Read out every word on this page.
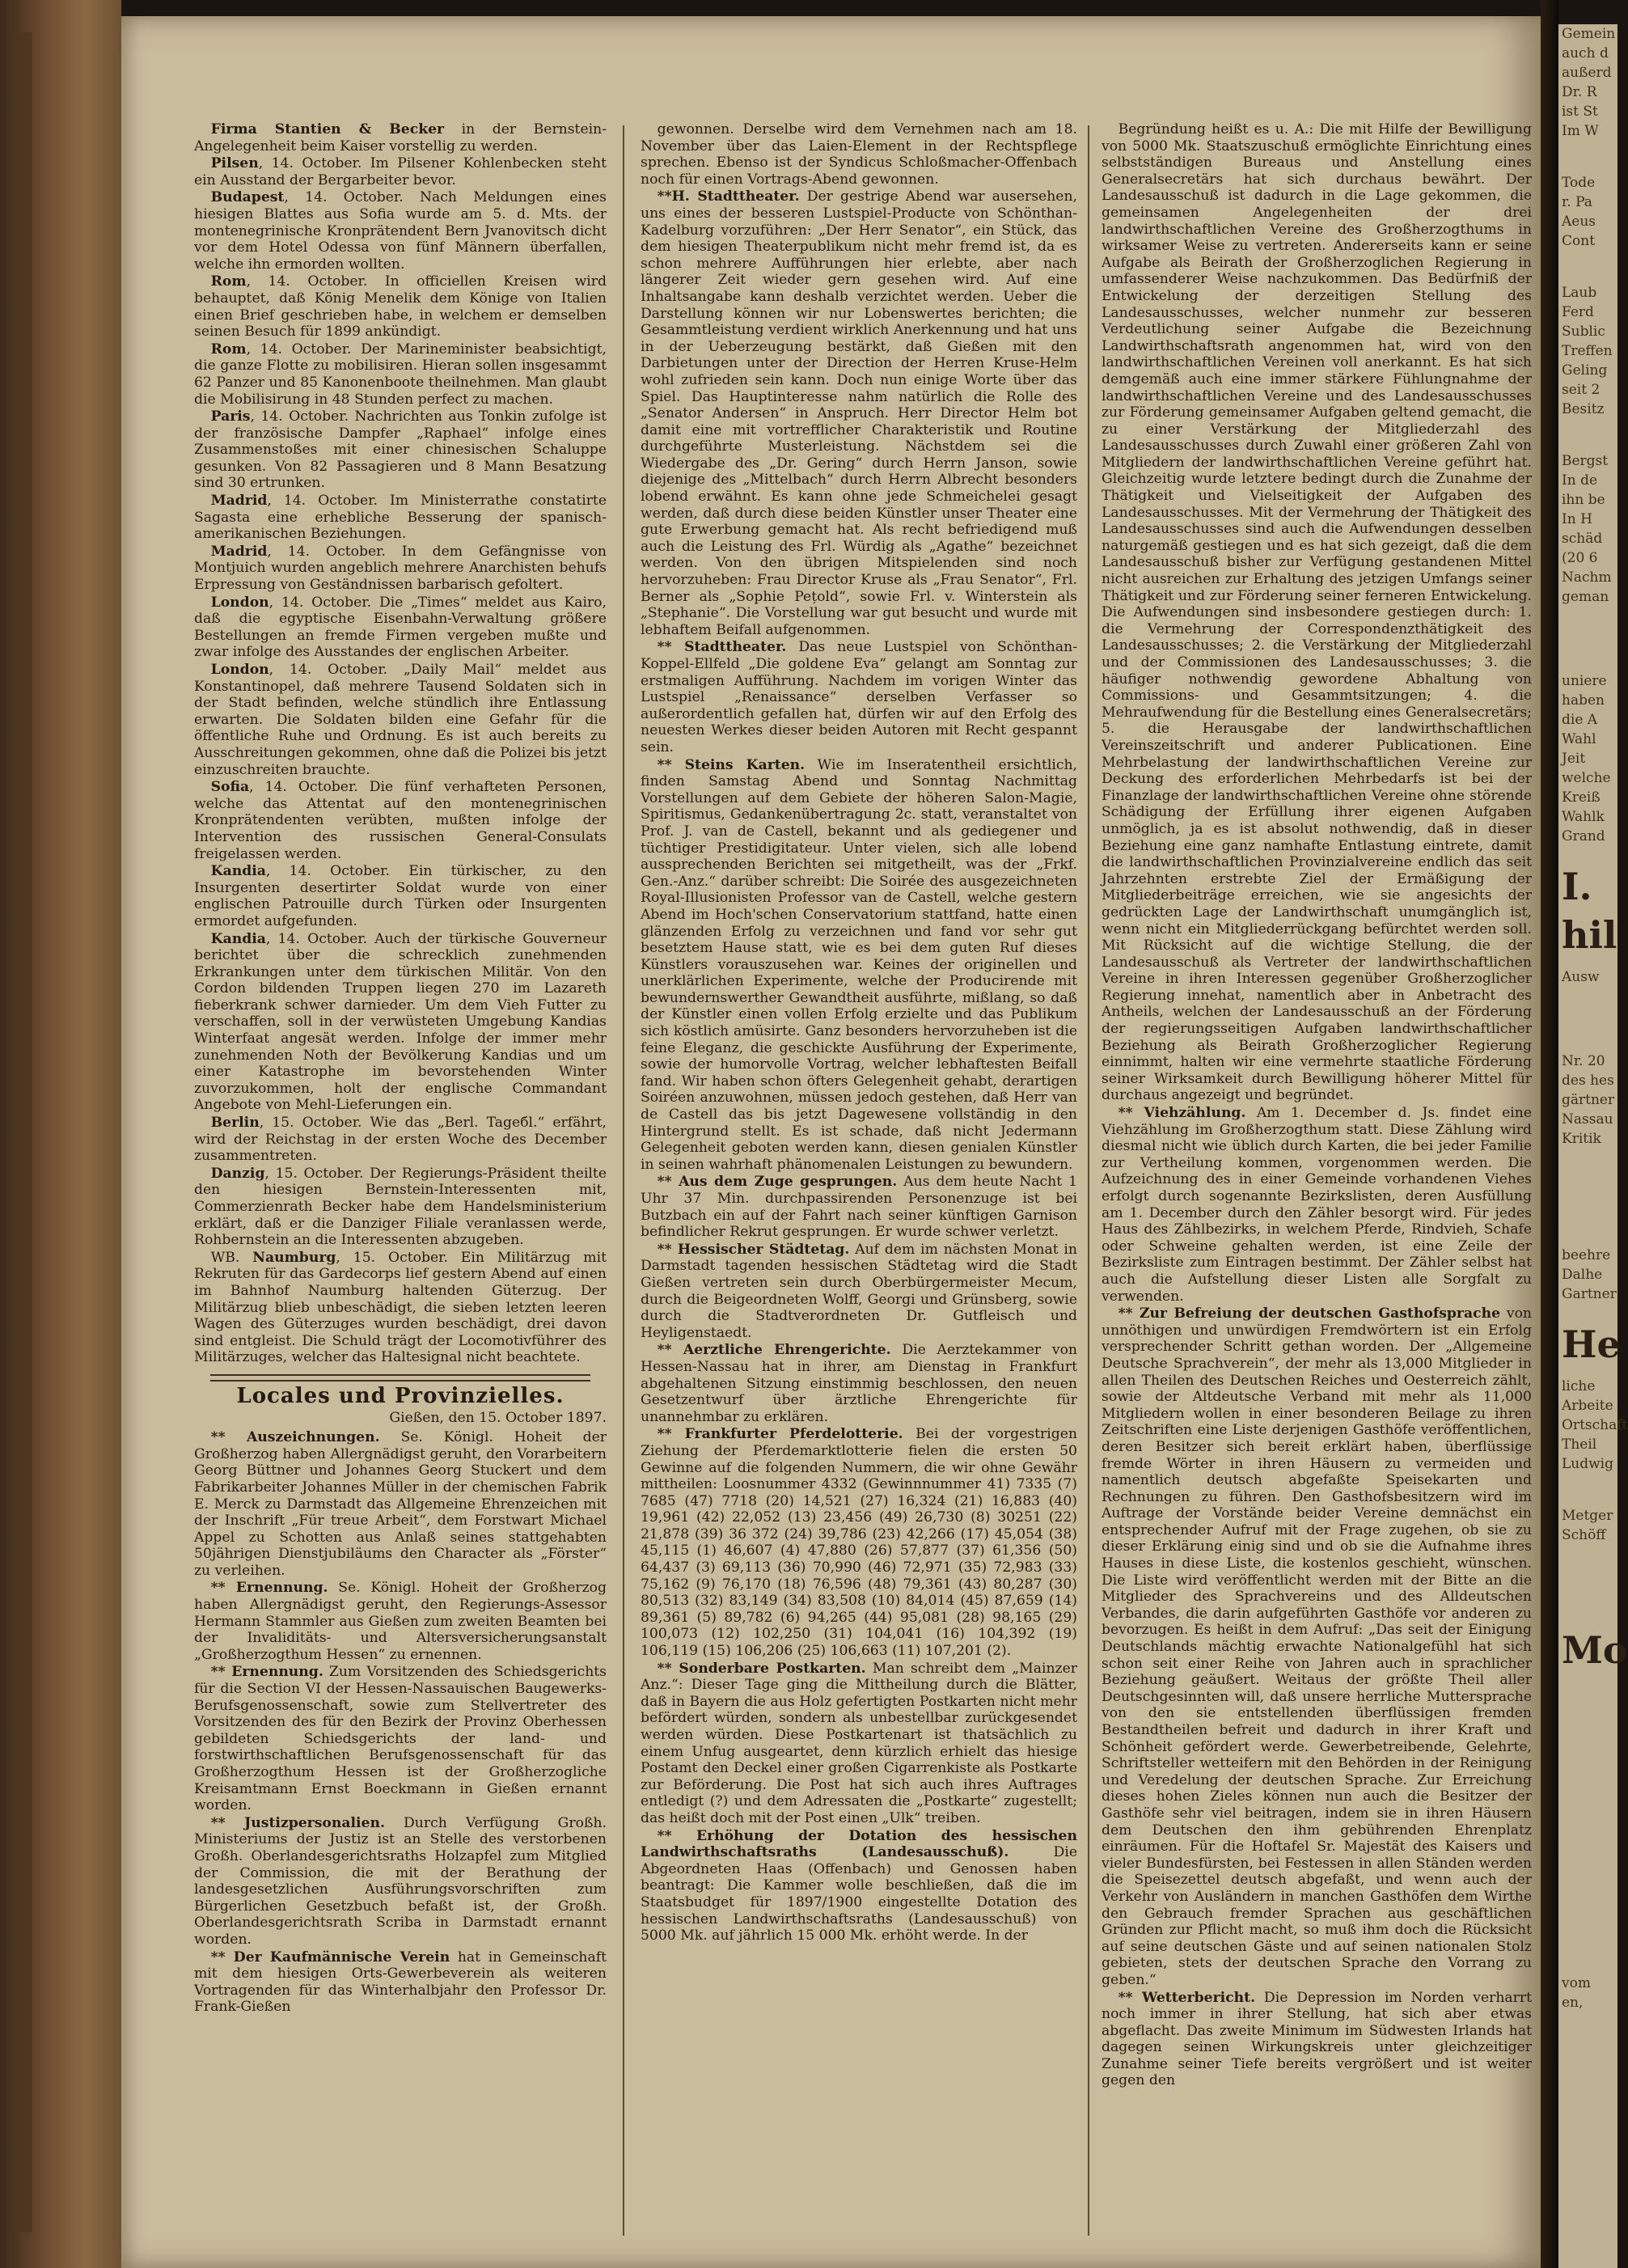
Firma Stantien & Becker in der Bernstein-Angelegenheit beim Kaiser vorstellig zu werden.

Pilsen, 14. October. Im Pilsener Kohlenbecken steht ein Ausstand der Bergarbeiter bevor.

Budapest, 14. October. Nach Meldungen eines hiesigen Blattes aus Sofia wurde am 5. d. Mts. der montenegrinische Kronprätendent Bern Jvanovitsch dicht vor dem Hotel Odessa von fünf Männern überfallen, welche ihn ermorden wollten.

Rom, 14. October. In officiellen Kreisen wird behauptet, daß König Menelik dem Könige von Italien einen Brief geschrieben habe, in welchem er demselben seinen Besuch für 1899 ankündigt.

Rom, 14. October. Der Marineminister beabsichtigt, die ganze Flotte zu mobilisiren. Hieran sollen insgesammt 62 Panzer und 85 Kanonenboote theilnehmen. Man glaubt die Mobilisirung in 48 Stunden perfect zu machen.

Paris, 14. October. Nachrichten aus Tonkin zufolge ist der französische Dampfer „Raphael“ infolge eines Zusammenstoßes mit einer chinesischen Schaluppe gesunken. Von 82 Passagieren und 8 Mann Besatzung sind 30 ertrunken.

Madrid, 14. October. Im Ministerrathe constatirte Sagasta eine erhebliche Besserung der spanisch-amerikanischen Beziehungen.

Madrid, 14. October. In dem Gefängnisse von Montjuich wurden angeblich mehrere Anarchisten behufs Erpressung von Geständnissen barbarisch gefoltert.

London, 14. October. Die „Times“ meldet aus Kairo, daß die egyptische Eisenbahn-Verwaltung größere Bestellungen an fremde Firmen vergeben mußte und zwar infolge des Ausstandes der englischen Arbeiter.

London, 14. October. „Daily Mail“ meldet aus Konstantinopel, daß mehrere Tausend Soldaten sich in der Stadt befinden, welche stündlich ihre Entlassung erwarten. Die Soldaten bilden eine Gefahr für die öffentliche Ruhe und Ordnung. Es ist auch bereits zu Ausschreitungen gekommen, ohne daß die Polizei bis jetzt einzuschreiten brauchte.

Sofia, 14. October. Die fünf verhafteten Personen, welche das Attentat auf den montenegrinischen Kronprätendenten verübten, mußten infolge der Intervention des russischen General-Consulats freigelassen werden.

Kandia, 14. October. Ein türkischer, zu den Insurgenten desertirter Soldat wurde von einer englischen Patrouille durch Türken oder Insurgenten ermordet aufgefunden.

Kandia, 14. October. Auch der türkische Gouverneur berichtet über die schrecklich zunehmenden Erkrankungen unter dem türkischen Militär. Von den Cordon bildenden Truppen liegen 270 im Lazareth fieberkrank schwer darnieder. Um dem Vieh Futter zu verschaffen, soll in der verwüsteten Umgebung Kandias Winterfaat angesät werden. Infolge der immer mehr zunehmenden Noth der Bevölkerung Kandias und um einer Katastrophe im bevorstehenden Winter zuvorzukommen, holt der englische Commandant Angebote von Mehl-Lieferungen ein.

Berlin, 15. October. Wie das „Berl. Tageбl.“ erfährt, wird der Reichstag in der ersten Woche des December zusammentreten.

Danzig, 15. October. Der Regierungs-Präsident theilte den hiesigen Bernstein-Interessenten mit, Commerzienrath Becker habe dem Handelsministerium erklärt, daß er die Danziger Filiale veranlassen werde, Rohbernstein an die Interessenten abzugeben.

WB. Naumburg, 15. October. Ein Militärzug mit Rekruten für das Gardecorps lief gestern Abend auf einen im Bahnhof Naumburg haltenden Güterzug. Der Militärzug blieb unbeschädigt, die sieben letzten leeren Wagen des Güterzuges wurden beschädigt, drei davon sind entgleist. Die Schuld trägt der Locomotivführer des Militärzuges, welcher das Haltesignal nicht beachtete.

Locales und Provinzielles.
Gießen, den 15. October 1897.

** Auszeichnungen. Se. Königl. Hoheit der Großherzog haben Allergnädigst geruht, den Vorarbeitern Georg Büttner und Johannes Georg Stuckert und dem Fabrikarbeiter Johannes Müller in der chemischen Fabrik E. Merck zu Darmstadt das Allgemeine Ehrenzeichen mit der Inschrift „Für treue Arbeit“, dem Forstwart Michael Appel zu Schotten aus Anlaß seines stattgehabten 50jährigen Dienstjubiläums den Character als „Förster“ zu verleihen.

** Ernennung. Se. Königl. Hoheit der Großherzog haben Allergnädigst geruht, den Regierungs-Assessor Hermann Stammler aus Gießen zum zweiten Beamten bei der Invaliditäts- und Altersversicherungsanstalt „Großherzogthum Hessen“ zu ernennen.

** Ernennung. Zum Vorsitzenden des Schiedsgerichts für die Section VI der Hessen-Nassauischen Baugewerks-Berufsgenossenschaft, sowie zum Stellvertreter des Vorsitzenden des für den Bezirk der Provinz Oberhessen gebildeten Schiedsgerichts der land- und forstwirthschaftlichen Berufsgenossenschaft für das Großherzogthum Hessen ist der Großherzogliche Kreisamtmann Ernst Boeckmann in Gießen ernannt worden.

** Justizpersonalien. Durch Verfügung Großh. Ministeriums der Justiz ist an Stelle des verstorbenen Großh. Oberlandesgerichtsraths Holzapfel zum Mitglied der Commission, die mit der Berathung der landesgesetzlichen Ausführungsvorschriften zum Bürgerlichen Gesetzbuch befaßt ist, der Großh. Oberlandesgerichtsrath Scriba in Darmstadt ernannt worden.

** Der Kaufmännische Verein hat in Gemeinschaft mit dem hiesigen Orts-Gewerbeverein als weiteren Vortragenden für das Winterhalbjahr den Professor Dr. Frank-Gießen

gewonnen. Derselbe wird dem Vernehmen nach am 18. November über das Laien-Element in der Rechtspflege sprechen. Ebenso ist der Syndicus Schloßmacher-Offenbach noch für einen Vortrags-Abend gewonnen.

**H. Stadttheater. Der gestrige Abend war ausersehen, uns eines der besseren Lustspiel-Producte von Schönthan-Kadelburg vorzuführen: „Der Herr Senator“, ein Stück, das dem hiesigen Theaterpublikum nicht mehr fremd ist, da es schon mehrere Aufführungen hier erlebte, aber nach längerer Zeit wieder gern gesehen wird. Auf eine Inhaltsangabe kann deshalb verzichtet werden. Ueber die Darstellung können wir nur Lobenswertes berichten; die Gesammtleistung verdient wirklich Anerkennung und hat uns in der Ueberzeugung bestärkt, daß Gießen mit den Darbietungen unter der Direction der Herren Kruse-Helm wohl zufrieden sein kann. Doch nun einige Worte über das Spiel. Das Hauptinteresse nahm natürlich die Rolle des „Senator Andersen“ in Anspruch. Herr Director Helm bot damit eine mit vortrefflicher Charakteristik und Routine durchgeführte Musterleistung. Nächstdem sei die Wiedergabe des „Dr. Gering“ durch Herrn Janson, sowie diejenige des „Mittelbach“ durch Herrn Albrecht besonders lobend erwähnt. Es kann ohne jede Schmeichelei gesagt werden, daß durch diese beiden Künstler unser Theater eine gute Erwerbung gemacht hat. Als recht befriedigend muß auch die Leistung des Frl. Würdig als „Agathe“ bezeichnet werden. Von den übrigen Mitspielenden sind noch hervorzuheben: Frau Director Kruse als „Frau Senator“, Frl. Berner als „Sophie Pețold“, sowie Frl. v. Winterstein als „Stephanie“. Die Vorstellung war gut besucht und wurde mit lebhaftem Beifall aufgenommen.

** Stadttheater. Das neue Lustspiel von Schönthan-Koppel-Ellfeld „Die goldene Eva“ gelangt am Sonntag zur erstmaligen Aufführung. Nachdem im vorigen Winter das Lustspiel „Renaissance“ derselben Verfasser so außerordentlich gefallen hat, dürfen wir auf den Erfolg des neuesten Werkes dieser beiden Autoren mit Recht gespannt sein.

** Steins Karten. Wie im Inseratentheil ersichtlich, finden Samstag Abend und Sonntag Nachmittag Vorstellungen auf dem Gebiete der höheren Salon-Magie, Spiritismus, Gedankenübertragung 2c. statt, veranstaltet von Prof. J. van de Castell, bekannt und als gediegener und tüchtiger Prestidigitateur. Unter vielen, sich alle lobend aussprechenden Berichten sei mitgetheilt, was der „Frkf. Gen.-Anz.“ darüber schreibt: Die Soirée des ausgezeichneten Royal-Illusionisten Professor van de Castell, welche gestern Abend im Hoch'schen Conservatorium stattfand, hatte einen glänzenden Erfolg zu verzeichnen und fand vor sehr gut besetztem Hause statt, wie es bei dem guten Ruf dieses Künstlers vorauszusehen war. Keines der originellen und unerklärlichen Experimente, welche der Producirende mit bewundernswerther Gewandtheit ausführte, mißlang, so daß der Künstler einen vollen Erfolg erzielte und das Publikum sich köstlich amüsirte. Ganz besonders hervorzuheben ist die feine Eleganz, die geschickte Ausführung der Experimente, sowie der humorvolle Vortrag, welcher lebhaftesten Beifall fand. Wir haben schon öfters Gelegenheit gehabt, derartigen Soiréen anzuwohnen, müssen jedoch gestehen, daß Herr van de Castell das bis jetzt Dagewesene vollständig in den Hintergrund stellt. Es ist schade, daß nicht Jedermann Gelegenheit geboten werden kann, diesen genialen Künstler in seinen wahrhaft phänomenalen Leistungen zu bewundern.

** Aus dem Zuge gesprungen. Aus dem heute Nacht 1 Uhr 37 Min. durchpassirenden Personenzuge ist bei Butzbach ein auf der Fahrt nach seiner künftigen Garnison befindlicher Rekrut gesprungen. Er wurde schwer verletzt.

** Hessischer Städtetag. Auf dem im nächsten Monat in Darmstadt tagenden hessischen Städtetag wird die Stadt Gießen vertreten sein durch Oberbürgermeister Mecum, durch die Beigeordneten Wolff, Georgi und Grünsberg, sowie durch die Stadtverordneten Dr. Gutfleisch und Heyligenstaedt.

** Aerztliche Ehrengerichte. Die Aerztekammer von Hessen-Nassau hat in ihrer, am Dienstag in Frankfurt abgehaltenen Sitzung einstimmig beschlossen, den neuen Gesetzentwurf über ärztliche Ehrengerichte für unannehmbar zu erklären.

** Frankfurter Pferdelotterie. Bei der vorgestrigen Ziehung der Pferdemarktlotterie fielen die ersten 50 Gewinne auf die folgenden Nummern, die wir ohne Gewähr mittheilen: Loosnummer 4332 (Gewinnnummer 41) 7335 (7) 7685 (47) 7718 (20) 14,521 (27) 16,324 (21) 16,883 (40) 19,961 (42) 22,052 (13) 23,456 (49) 26,730 (8) 30251 (22) 21,878 (39) 36 372 (24) 39,786 (23) 42,266 (17) 45,054 (38) 45,115 (1) 46,607 (4) 47,880 (26) 57,877 (37) 61,356 (50) 64,437 (3) 69,113 (36) 70,990 (46) 72,971 (35) 72,983 (33) 75,162 (9) 76,170 (18) 76,596 (48) 79,361 (43) 80,287 (30) 80,513 (32) 83,149 (34) 83,508 (10) 84,014 (45) 87,659 (14) 89,361 (5) 89,782 (6) 94,265 (44) 95,081 (28) 98,165 (29) 100,073 (12) 102,250 (31) 104,041 (16) 104,392 (19) 106,119 (15) 106,206 (25) 106,663 (11) 107,201 (2).

** Sonderbare Postkarten. Man schreibt dem „Mainzer Anz.“: Dieser Tage ging die Mittheilung durch die Blätter, daß in Bayern die aus Holz gefertigten Postkarten nicht mehr befördert würden, sondern als unbestellbar zurückgesendet werden würden. Diese Postkartenart ist thatsächlich zu einem Unfug ausgeartet, denn kürzlich erhielt das hiesige Postamt den Deckel einer großen Cigarrenkiste als Postkarte zur Beförderung. Die Post hat sich auch ihres Auftrages entledigt (?) und dem Adressaten die „Postkarte“ zugestellt; das heißt doch mit der Post einen „Ulk“ treiben.

** Erhöhung der Dotation des hessischen Landwirthschaftsraths (Landesausschuß). Die Abgeordneten Haas (Offenbach) und Genossen haben beantragt: Die Kammer wolle beschließen, daß die im Staatsbudget für 1897/1900 eingestellte Dotation des hessischen Landwirthschaftsraths (Landesausschuß) von 5000 Mk. auf jährlich 15 000 Mk. erhöht werde. In der

Begründung heißt es u. A.: Die mit Hilfe der Bewilligung von 5000 Mk. Staatszuschuß ermöglichte Einrichtung eines selbstständigen Bureaus und Anstellung eines Generalsecretärs hat sich durchaus bewährt. Der Landesausschuß ist dadurch in die Lage gekommen, die gemeinsamen Angelegenheiten der drei landwirthschaftlichen Vereine des Großherzogthums in wirksamer Weise zu vertreten. Andererseits kann er seine Aufgabe als Beirath der Großherzoglichen Regierung in umfassenderer Weise nachzukommen. Das Bedürfniß der Entwickelung der derzeitigen Stellung des Landesausschusses, welcher nunmehr zur besseren Verdeutlichung seiner Aufgabe die Bezeichnung Landwirthschaftsrath angenommen hat, wird von den landwirthschaftlichen Vereinen voll anerkannt. Es hat sich demgemäß auch eine immer stärkere Fühlungnahme der landwirthschaftlichen Vereine und des Landesausschusses zur Förderung gemeinsamer Aufgaben geltend gemacht, die zu einer Verstärkung der Mitgliederzahl des Landesausschusses durch Zuwahl einer größeren Zahl von Mitgliedern der landwirthschaftlichen Vereine geführt hat. Gleichzeitig wurde letztere bedingt durch die Zunahme der Thätigkeit und Vielseitigkeit der Aufgaben des Landesausschusses. Mit der Vermehrung der Thätigkeit des Landesausschusses sind auch die Aufwendungen desselben naturgemäß gestiegen und es hat sich gezeigt, daß die dem Landesausschuß bisher zur Verfügung gestandenen Mittel nicht ausreichen zur Erhaltung des jetzigen Umfangs seiner Thätigkeit und zur Förderung seiner ferneren Entwickelung. Die Aufwendungen sind insbesondere gestiegen durch: 1. die Vermehrung der Correspondenzthätigkeit des Landesausschusses; 2. die Verstärkung der Mitgliederzahl und der Commissionen des Landesausschusses; 3. die häufiger nothwendig gewordene Abhaltung von Commissions- und Gesammtsitzungen; 4. die Mehraufwendung für die Bestellung eines Generalsecretärs; 5. die Herausgabe der landwirthschaftlichen Vereinszeitschrift und anderer Publicationen. Eine Mehrbelastung der landwirthschaftlichen Vereine zur Deckung des erforderlichen Mehrbedarfs ist bei der Finanzlage der landwirthschaftlichen Vereine ohne störende Schädigung der Erfüllung ihrer eigenen Aufgaben unmöglich, ja es ist absolut nothwendig, daß in dieser Beziehung eine ganz namhafte Entlastung eintrete, damit die landwirthschaftlichen Provinzialvereine endlich das seit Jahrzehnten erstrebte Ziel der Ermäßigung der Mitgliederbeiträge erreichen, wie sie angesichts der gedrückten Lage der Landwirthschaft unumgänglich ist, wenn nicht ein Mitgliederrückgang befürchtet werden soll. Mit Rücksicht auf die wichtige Stellung, die der Landesausschuß als Vertreter der landwirthschaftlichen Vereine in ihren Interessen gegenüber Großherzoglicher Regierung innehat, namentlich aber in Anbetracht des Antheils, welchen der Landesausschuß an der Förderung der regierungsseitigen Aufgaben landwirthschaftlicher Beziehung als Beirath Großherzoglicher Regierung einnimmt, halten wir eine vermehrte staatliche Förderung seiner Wirksamkeit durch Bewilligung höherer Mittel für durchaus angezeigt und begründet.

** Viehzählung. Am 1. December d. Js. findet eine Viehzählung im Großherzogthum statt. Diese Zählung wird diesmal nicht wie üblich durch Karten, die bei jeder Familie zur Vertheilung kommen, vorgenommen werden. Die Aufzeichnung des in einer Gemeinde vorhandenen Viehes erfolgt durch sogenannte Bezirkslisten, deren Ausfüllung am 1. December durch den Zähler besorgt wird. Für jedes Haus des Zählbezirks, in welchem Pferde, Rindvieh, Schafe oder Schweine gehalten werden, ist eine Zeile der Bezirksliste zum Eintragen bestimmt. Der Zähler selbst hat auch die Aufstellung dieser Listen alle Sorgfalt zu verwenden.

** Zur Befreiung der deutschen Gasthofsprache von unnöthigen und unwürdigen Fremdwörtern ist ein Erfolg versprechender Schritt gethan worden. Der „Allgemeine Deutsche Sprachverein“, der mehr als 13,000 Mitglieder in allen Theilen des Deutschen Reiches und Oesterreich zählt, sowie der Altdeutsche Verband mit mehr als 11,000 Mitgliedern wollen in einer besonderen Beilage zu ihren Zeitschriften eine Liste derjenigen Gasthöfe veröffentlichen, deren Besitzer sich bereit erklärt haben, überflüssige fremde Wörter in ihren Häusern zu vermeiden und namentlich deutsch abgefaßte Speisekarten und Rechnungen zu führen. Den Gasthofsbesitzern wird im Auftrage der Vorstände beider Vereine demnächst ein entsprechender Aufruf mit der Frage zugehen, ob sie zu dieser Erklärung einig sind und ob sie die Aufnahme ihres Hauses in diese Liste, die kostenlos geschieht, wünschen. Die Liste wird veröffentlicht werden mit der Bitte an die Mitglieder des Sprachvereins und des Alldeutschen Verbandes, die darin aufgeführten Gasthöfe vor anderen zu bevorzugen. Es heißt in dem Aufruf: „Das seit der Einigung Deutschlands mächtig erwachte Nationalgefühl hat sich schon seit einer Reihe von Jahren auch in sprachlicher Beziehung geäußert. Weitaus der größte Theil aller Deutschgesinnten will, daß unsere herrliche Muttersprache von den sie entstellenden überflüssigen fremden Bestandtheilen befreit und dadurch in ihrer Kraft und Schönheit gefördert werde. Gewerbetreibende, Gelehrte, Schriftsteller wetteifern mit den Behörden in der Reinigung und Veredelung der deutschen Sprache. Zur Erreichung dieses hohen Zieles können nun auch die Besitzer der Gasthöfe sehr viel beitragen, indem sie in ihren Häusern dem Deutschen den ihm gebührenden Ehrenplatz einräumen. Für die Hoftafel Sr. Majestät des Kaisers und vieler Bundesfürsten, bei Festessen in allen Ständen werden die Speisezettel deutsch abgefaßt, und wenn auch der Verkehr von Ausländern in manchen Gasthöfen dem Wirthe den Gebrauch fremder Sprachen aus geschäftlichen Gründen zur Pflicht macht, so muß ihm doch die Rücksicht auf seine deutschen Gäste und auf seinen nationalen Stolz gebieten, stets der deutschen Sprache den Vorrang zu geben.“

** Wetterbericht. Die Depression im Norden verharrt noch immer in ihrer Stellung, hat sich aber etwas abgeflacht. Das zweite Minimum im Südwesten Irlands hat dagegen seinen Wirkungskreis unter gleichzeitiger Zunahme seiner Tiefe bereits vergrößert und ist weiter gegen den

Gemein
auch d
außerd
Dr. R
ist St
Im W
Tode
r. Pa
Aeus
Cont
Laub
Ferd
Sublic
Treffen
Geling
seit 2
Besitz
Bergst
In de
ihn be
In H
schäd
(20 6
Nachm
geman
uniere
haben
die A
Wahl
Jeit
welche
Kreiß
Wahlk
Grand
I. hil
Ausw
Nr. 20
des hes
gärtner
Nassau
Kritik
beehre
Dalhe
Gartner
He
liche
Arbeite
Ortschaft
Theil
Ludwig
Metger
Schöff
Mo
vom
en,
